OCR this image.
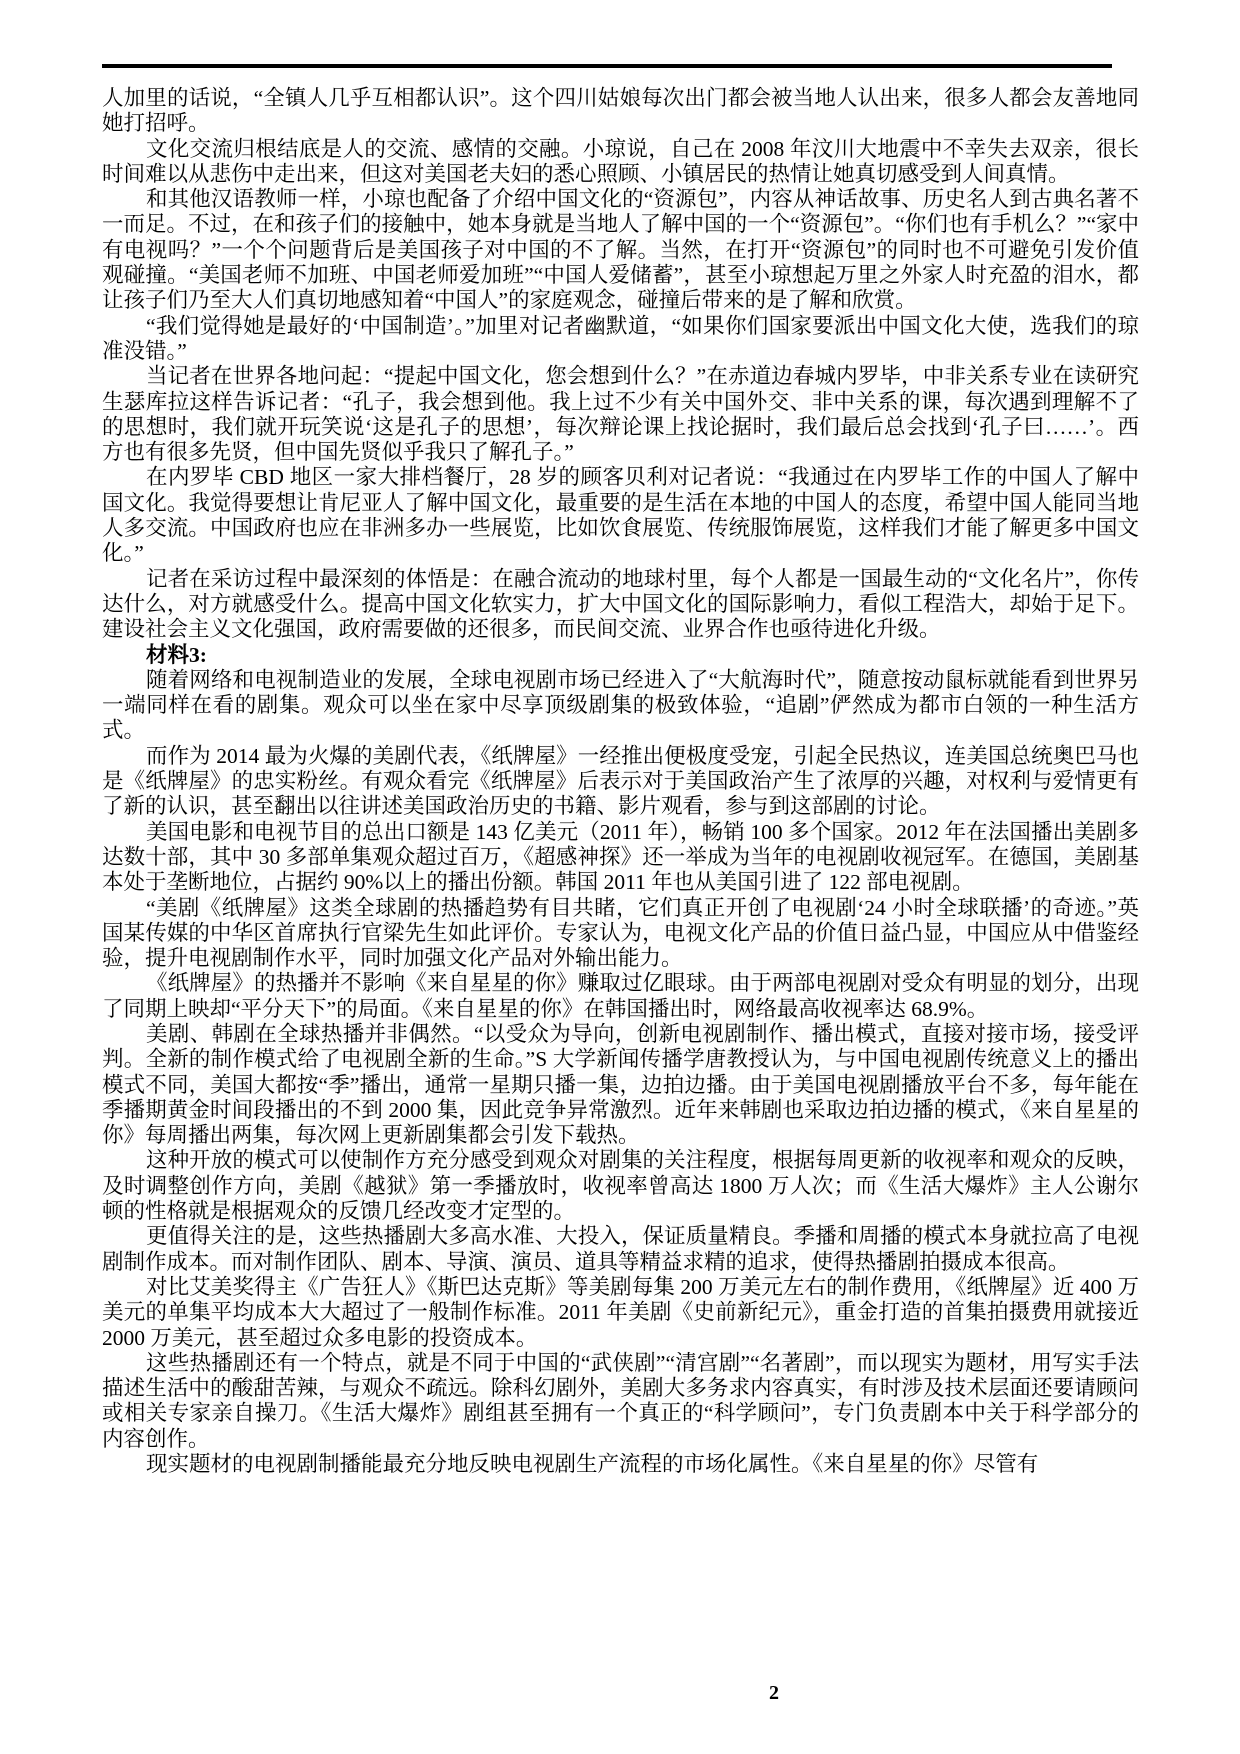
人加里的话说，“全镇人几乎互相都认识”。这个四川姑娘每次出门都会被当地人认出来，很多人都会友善地同她打招呼。

文化交流归根结底是人的交流、感情的交融。小琼说，自己在 2008 年汶川大地震中不幸失去双亲，很长时间难以从悲伤中走出来，但这对美国老夫妇的悉心照顾、小镇居民的热情让她真切感受到人间真情。

和其他汉语教师一样，小琼也配备了介绍中国文化的“资源包”，内容从神话故事、历史名人到古典名著不一而足。不过，在和孩子们的接触中，她本身就是当地人了解中国的一个“资源包”。“你们也有手机么？”“家中有电视吗？”一个个问题背后是美国孩子对中国的不了解。当然，在打开“资源包”的同时也不可避免引发价值观碰撞。“美国老师不加班、中国老师爱加班”“中国人爱储蓄”，甚至小琼想起万里之外家人时充盈的泪水，都让孩子们乃至大人们真切地感知着“中国人”的家庭观念，碰撞后带来的是了解和欣赏。

“我们觉得她是最好的‘中国制造’。”加里对记者幽默道，“如果你们国家要派出中国文化大使，选我们的琼准没错。”

当记者在世界各地问起：“提起中国文化，您会想到什么？”在赤道边春城内罗毕，中非关系专业在读研究生瑟库拉这样告诉记者：“孔子，我会想到他。我上过不少有关中国外交、非中关系的课，每次遇到理解不了的思想时，我们就开玩笑说‘这是孔子的思想’，每次辩论课上找论据时，我们最后总会找到‘孔子曰……’。西方也有很多先贤，但中国先贤似乎我只了解孔子。”

在内罗毕 CBD 地区一家大排档餐厅，28 岁的顾客贝利对记者说：“我通过在内罗毕工作的中国人了解中国文化。我觉得要想让肯尼亚人了解中国文化，最重要的是生活在本地的中国人的态度，希望中国人能同当地人多交流。中国政府也应在非洲多办一些展览，比如饮食展览、传统服饰展览，这样我们才能了解更多中国文化。”

记者在采访过程中最深刻的体悟是：在融合流动的地球村里，每个人都是一国最生动的“文化名片”，你传达什么，对方就感受什么。提高中国文化软实力，扩大中国文化的国际影响力，看似工程浩大，却始于足下。建设社会主义文化强国，政府需要做的还很多，而民间交流、业界合作也亟待进化升级。

材料3:

随着网络和电视制造业的发展，全球电视剧市场已经进入了“大航海时代”，随意按动鼠标就能看到世界另一端同样在看的剧集。观众可以坐在家中尽享顶级剧集的极致体验，“追剧”俨然成为都市白领的一种生活方式。

而作为 2014 最为火爆的美剧代表，《纸牌屋》一经推出便极度受宠，引起全民热议，连美国总统奥巴马也是《纸牌屋》的忠实粉丝。有观众看完《纸牌屋》后表示对于美国政治产生了浓厚的兴趣，对权利与爱情更有了新的认识，甚至翻出以往讲述美国政治历史的书籍、影片观看，参与到这部剧的讨论。

美国电影和电视节目的总出口额是 143 亿美元（2011 年），畅销 100 多个国家。2012 年在法国播出美剧多达数十部，其中 30 多部单集观众超过百万，《超感神探》还一举成为当年的电视剧收视冠军。在德国，美剧基本处于垄断地位，占据约 90%以上的播出份额。韩国 2011 年也从美国引进了 122 部电视剧。

“美剧《纸牌屋》这类全球剧的热播趋势有目共睹，它们真正开创了电视剧‘24 小时全球联播’的奇迹。”英国某传媒的中华区首席执行官梁先生如此评价。专家认为，电视文化产品的价值日益凸显，中国应从中借鉴经验，提升电视剧制作水平，同时加强文化产品对外输出能力。

《纸牌屋》的热播并不影响《来自星星的你》赚取过亿眼球。由于两部电视剧对受众有明显的划分，出现了同期上映却“平分天下”的局面。《来自星星的你》在韩国播出时，网络最高收视率达 68.9%。

美剧、韩剧在全球热播并非偶然。“以受众为导向，创新电视剧制作、播出模式，直接对接市场，接受评判。全新的制作模式给了电视剧全新的生命。”S 大学新闻传播学唐教授认为，与中国电视剧传统意义上的播出模式不同，美国大都按“季”播出，通常一星期只播一集，边拍边播。由于美国电视剧播放平台不多，每年能在季播期黄金时间段播出的不到 2000 集，因此竞争异常激烈。近年来韩剧也采取边拍边播的模式，《来自星星的你》每周播出两集，每次网上更新剧集都会引发下载热。

这种开放的模式可以使制作方充分感受到观众对剧集的关注程度，根据每周更新的收视率和观众的反映，及时调整创作方向，美剧《越狱》第一季播放时，收视率曾高达 1800 万人次；而《生活大爆炸》主人公谢尔顿的性格就是根据观众的反馈几经改变才定型的。

更值得关注的是，这些热播剧大多高水准、大投入，保证质量精良。季播和周播的模式本身就拉高了电视剧制作成本。而对制作团队、剧本、导演、演员、道具等精益求精的追求，使得热播剧拍摄成本很高。

对比艾美奖得主《广告狂人》《斯巴达克斯》等美剧每集 200 万美元左右的制作费用，《纸牌屋》近 400 万美元的单集平均成本大大超过了一般制作标准。2011 年美剧《史前新纪元》，重金打造的首集拍摄费用就接近 2000 万美元，甚至超过众多电影的投资成本。

这些热播剧还有一个特点，就是不同于中国的“武侠剧”“清宫剧”“名著剧”，而以现实为题材，用写实手法描述生活中的酸甜苦辣，与观众不疏远。除科幻剧外，美剧大多务求内容真实，有时涉及技术层面还要请顾问或相关专家亲自操刀。《生活大爆炸》剧组甚至拥有一个真正的“科学顾问”，专门负责剧本中关于科学部分的内容创作。

现实题材的电视剧制播能最充分地反映电视剧生产流程的市场化属性。《来自星星的你》尽管有

2
